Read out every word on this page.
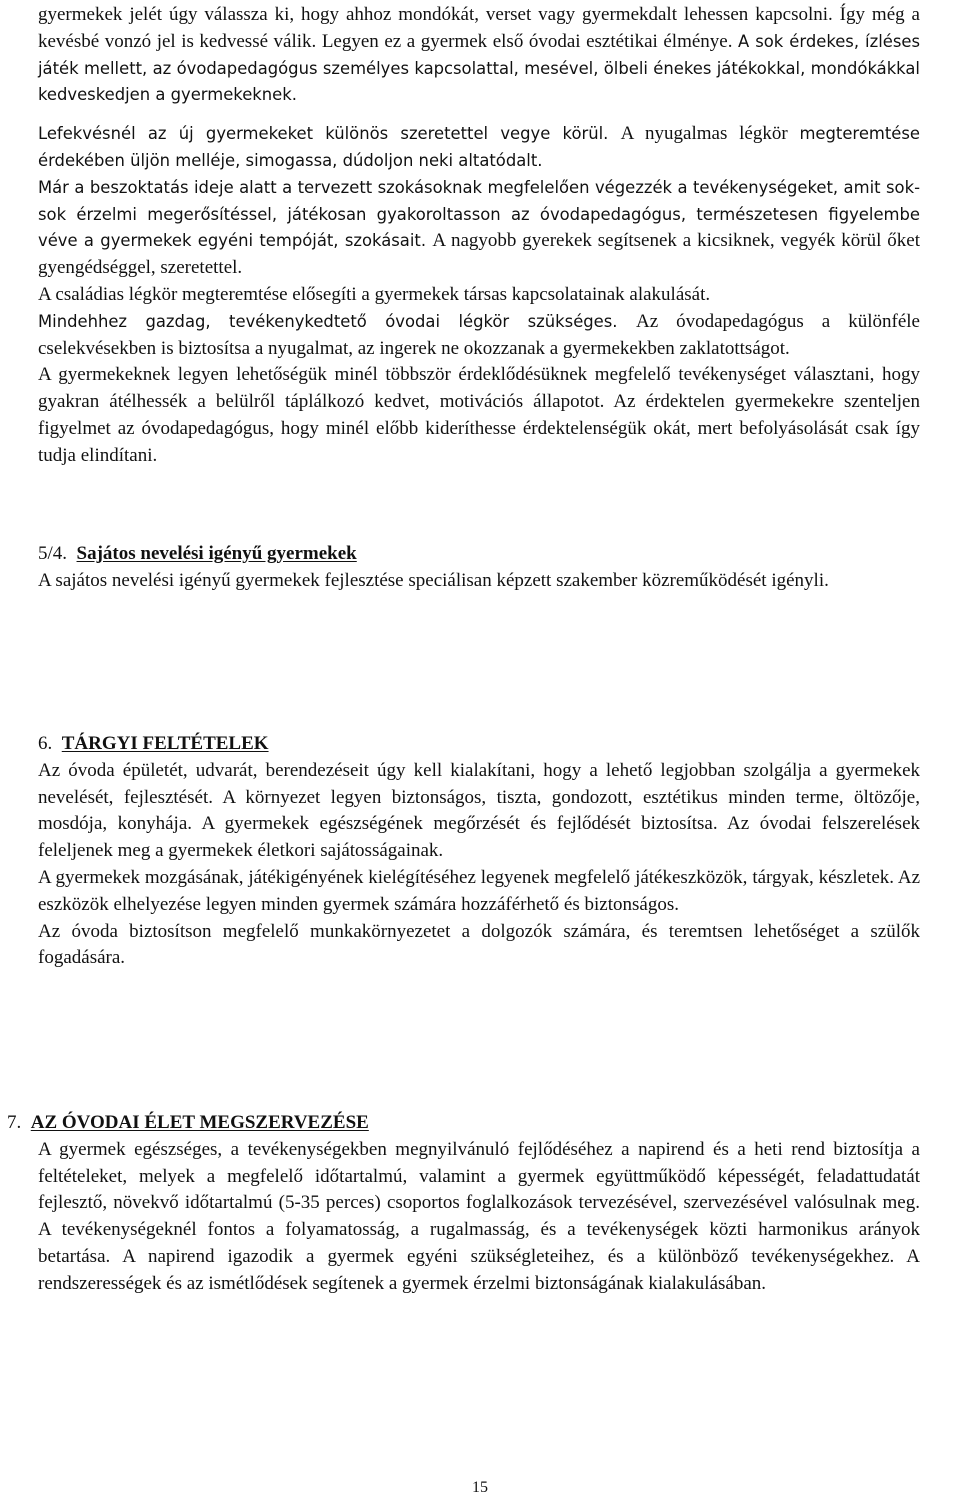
gyermekek jelét úgy válassza ki, hogy ahhoz mondókát, verset vagy gyermekdalt lehessen kapcsolni. Így még a kevésbé vonzó jel is kedvessé válik. Legyen ez a gyermek első óvodai esztétikai élménye. A sok érdekes, ízléses játék mellett, az óvodapedagógus személyes kapcsolattal, mesével, ölbeli énekes játékokkal, mondókákkal kedveskedjen a gyermekeknek.

Lefekvésnél az új gyermekeket különös szeretettel vegye körül. A nyugalmas légkör megteremtése érdekében üljön melléje, simogassa, dúdoljon neki altatódalt.

Már a beszoktatás ideje alatt a tervezett szokásoknak megfelelően végezzék a tevékenységeket, amit sok-sok érzelmi megerősítéssel, játékosan gyakoroltasson az óvodapedagógus, természetesen figyelembe véve a gyermekek egyéni tempóját, szokásait. A nagyobb gyerekek segítsenek a kicsiknek, vegyék körül őket gyengédséggel, szeretettel.

A családias légkör megteremtése elősegíti a gyermekek társas kapcsolatainak alakulását.

Mindehhez gazdag, tevékenykedtető óvodai légkör szükséges. Az óvodapedagógus a különféle cselekvésekben is biztosítsa a nyugalmat, az ingerek ne okozzanak a gyermekekben zaklatottságot.

A gyermekeknek legyen lehetőségük minél többször érdeklődésüknek megfelelő tevékenységet választani, hogy gyakran átélhessék a belülről táplálkozó kedvet, motivációs állapotot. Az érdektelen gyermekekre szenteljen figyelmet az óvodapedagógus, hogy minél előbb kideríthesse érdektelenségük okát, mert befolyásolását csak így tudja elindítani.

5/4. Sajátos nevelési igényű gyermekek

A sajátos nevelési igényű gyermekek fejlesztése speciálisan képzett szakember közreműködését igényli.

6. TÁRGYI FELTÉTELEK

Az óvoda épületét, udvarát, berendezéseit úgy kell kialakítani, hogy a lehető legjobban szolgálja a gyermekek nevelését, fejlesztését. A környezet legyen biztonságos, tiszta, gondozott, esztétikus minden terme, öltözője, mosdója, konyhája. A gyermekek egészségének megőrzését és fejlődését biztosítsa. Az óvodai felszerelések feleljenek meg a gyermekek életkori sajátosságainak.

A gyermekek mozgásának, játékigényének kielégítéséhez legyenek megfelelő játékeszközök, tárgyak, készletek. Az eszközök elhelyezése legyen minden gyermek számára hozzáférhető és biztonságos.

Az óvoda biztosítson megfelelő munkakörnyezetet a dolgozók számára, és teremtsen lehetőséget a szülők fogadására.

7. AZ ÓVODAI ÉLET MEGSZERVEZÉSE

A gyermek egészséges, a tevékenységekben megnyilvánuló fejlődéséhez a napirend és a heti rend biztosítja a feltételeket, melyek a megfelelő időtartalmú, valamint a gyermek együttműködő képességét, feladattudatát fejlesztő, növekvő időtartalmú (5-35 perces) csoportos foglalkozások tervezésével, szervezésével valósulnak meg. A tevékenységeknél fontos a folyamatosság, a rugalmasság, és a tevékenységek közti harmonikus arányok betartása. A napirend igazodik a gyermek egyéni szükségleteihez, és a különböző tevékenységekhez. A rendszerességek és az ismétlődések segítenek a gyermek érzelmi biztonságának kialakulásában.

15
